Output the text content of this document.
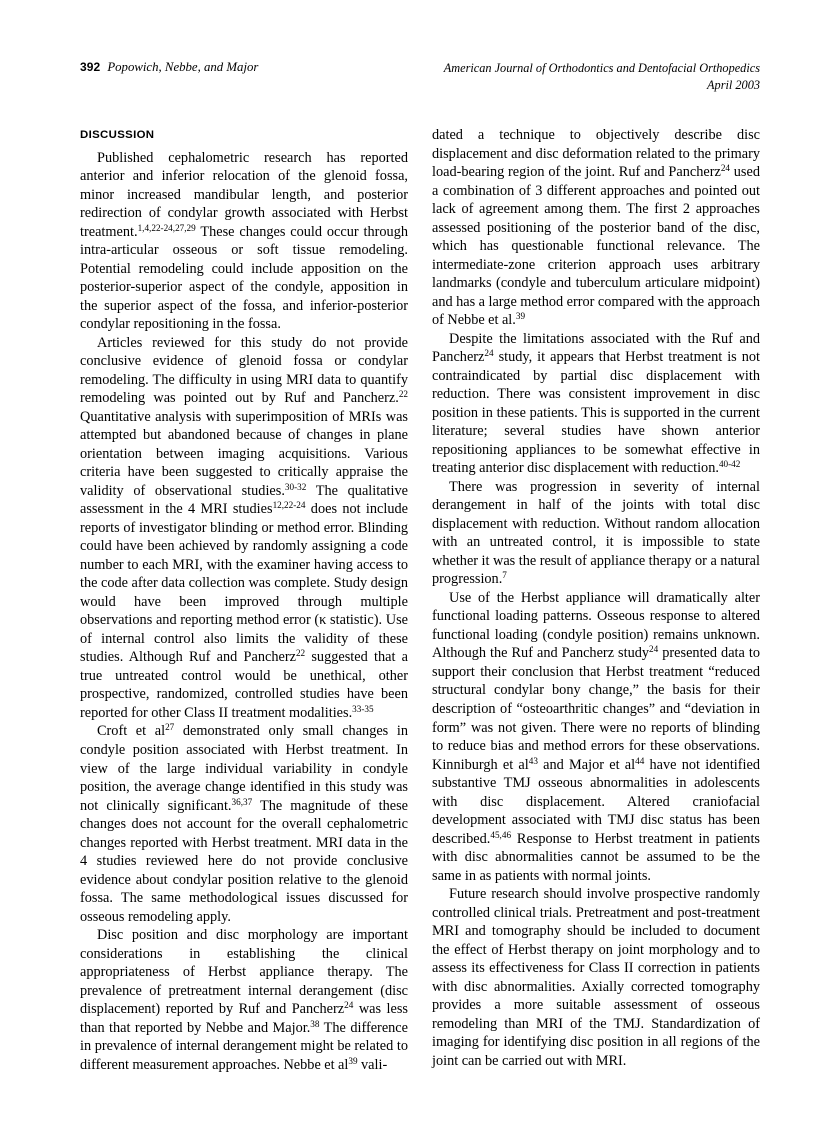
392 Popowich, Nebbe, and Major	American Journal of Orthodontics and Dentofacial Orthopedics
April 2003
DISCUSSION

Published cephalometric research has reported anterior and inferior relocation of the glenoid fossa, minor increased mandibular length, and posterior redirection of condylar growth associated with Herbst treatment.$^{1,4,22-24,27,29}$ These changes could occur through intra-articular osseous or soft tissue remodeling. Potential remodeling could include apposition on the posterior-superior aspect of the condyle, apposition in the superior aspect of the fossa, and inferior-posterior condylar repositioning in the fossa.

Articles reviewed for this study do not provide conclusive evidence of glenoid fossa or condylar remodeling. The difficulty in using MRI data to quantify remodeling was pointed out by Ruf and Pancherz.$^{22}$ Quantitative analysis with superimposition of MRIs was attempted but abandoned because of changes in plane orientation between imaging acquisitions. Various criteria have been suggested to critically appraise the validity of observational studies.$^{30-32}$ The qualitative assessment in the 4 MRI studies$^{12,22-24}$ does not include reports of investigator blinding or method error. Blinding could have been achieved by randomly assigning a code number to each MRI, with the examiner having access to the code after data collection was complete. Study design would have been improved through multiple observations and reporting method error (κ statistic). Use of internal control also limits the validity of these studies. Although Ruf and Pancherz$^{22}$ suggested that a true untreated control would be unethical, other prospective, randomized, controlled studies have been reported for other Class II treatment modalities.$^{33-35}$

Croft et $al^{27}$ demonstrated only small changes in condyle position associated with Herbst treatment. In view of the large individual variability in condyle position, the average change identified in this study was not clinically significant.$^{36,37}$ The magnitude of these changes does not account for the overall cephalometric changes reported with Herbst treatment. MRI data in the 4 studies reviewed here do not provide conclusive evidence about condylar position relative to the glenoid fossa. The same methodological issues discussed for osseous remodeling apply.

Disc position and disc morphology are important considerations in establishing the clinical appropriateness of Herbst appliance therapy. The prevalence of pretreatment internal derangement (disc displacement) reported by Ruf and Pancherz$^{24}$ was less than that reported by Nebbe and Major.$^{38}$ The difference in prevalence of internal derangement might be related to different measurement approaches. Nebbe et $al^{39}$ vali-

dated a technique to objectively describe disc displacement and disc deformation related to the primary load-bearing region of the joint. Ruf and Pancherz$^{24}$ used a combination of 3 different approaches and pointed out lack of agreement among them. The first 2 approaches assessed positioning of the posterior band of the disc, which has questionable functional relevance. The intermediate-zone criterion approach uses arbitrary landmarks (condyle and tuberculum articulare midpoint) and has a large method error compared with the approach of Nebbe et al.$^{39}$

Despite the limitations associated with the Ruf and Pancherz$^{24}$ study, it appears that Herbst treatment is not contraindicated by partial disc displacement with reduction. There was consistent improvement in disc position in these patients. This is supported in the current literature; several studies have shown anterior repositioning appliances to be somewhat effective in treating anterior disc displacement with reduction.$^{40-42}$

There was progression in severity of internal derangement in half of the joints with total disc displacement with reduction. Without random allocation with an untreated control, it is impossible to state whether it was the result of appliance therapy or a natural progression.$^7$

Use of the Herbst appliance will dramatically alter functional loading patterns. Osseous response to altered functional loading (condyle position) remains unknown. Although the Ruf and Pancherz study$^{24}$ presented data to support their conclusion that Herbst treatment “reduced structural condylar bony change,” the basis for their description of “osteoarthritic changes” and “deviation in form” was not given. There were no reports of blinding to reduce bias and method errors for these observations. Kinniburgh et $al^{43}$ and Major et $al^{44}$ have not identified substantive TMJ osseous abnormalities in adolescents with disc displacement. Altered craniofacial development associated with TMJ disc status has been described.$^{45,46}$ Response to Herbst treatment in patients with disc abnormalities cannot be assumed to be the same in as patients with normal joints.

Future research should involve prospective randomly controlled clinical trials. Pretreatment and post-treatment MRI and tomography should be included to document the effect of Herbst therapy on joint morphology and to assess its effectiveness for Class II correction in patients with disc abnormalities. Axially corrected tomography provides a more suitable assessment of osseous remodeling than MRI of the TMJ. Standardization of imaging for identifying disc position in all regions of the joint can be carried out with MRI.
